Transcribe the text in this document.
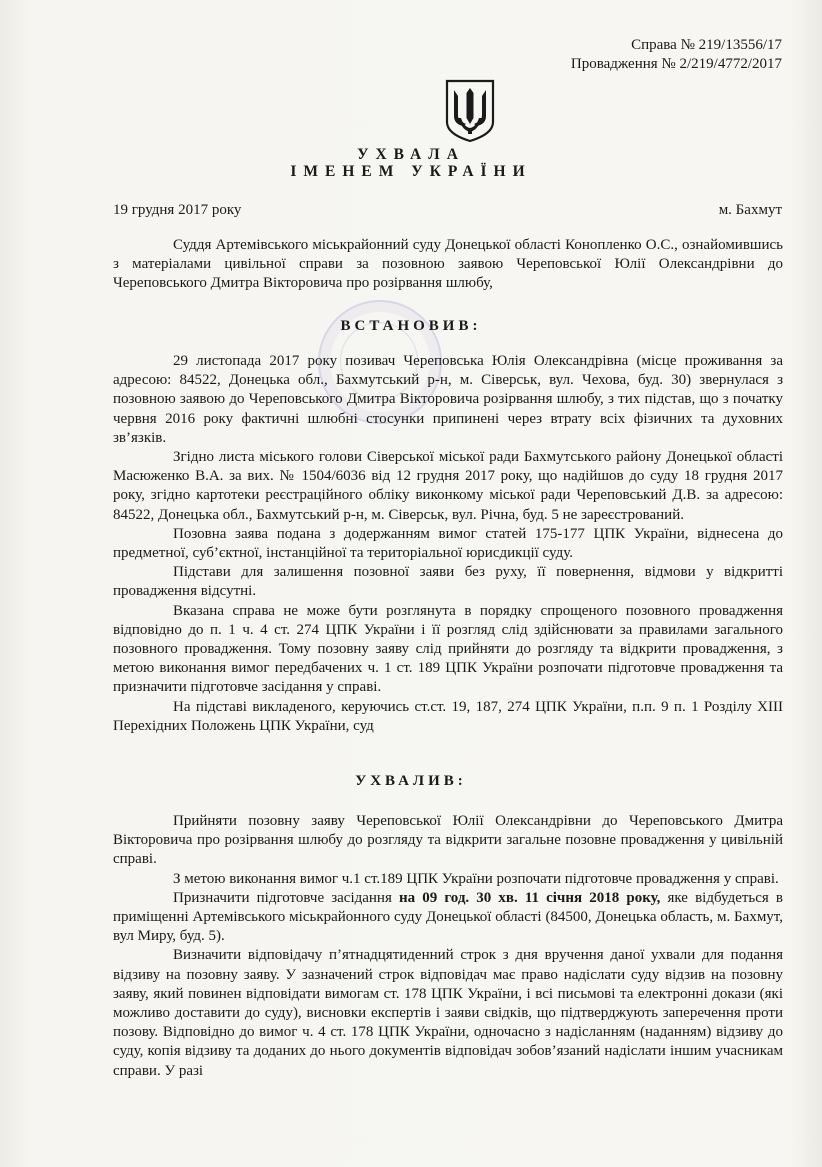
Справа № 219/13556/17
Провадження № 2/219/4772/2017
УХВАЛА
ІМЕНЕМ УКРАЇНИ
19 грудня 2017 року	м. Бахмут

Суддя Артемівського міськрайонний суду Донецької області Коноплeнко О.С., ознайомившись з матеріалами цивільної справи за позовною заявою Череповської Юлії Олександрівни до Череповського Дмитра Вікторовича про розірвання шлюбу,

ВСТАНОВИВ:

29 листопада 2017 року позивач Череповська Юлія Олександрівна (місце проживання за адресою: 84522, Донецька обл., Бахмутський р-н, м. Сіверськ, вул. Чехова, буд. 30) звернулася з позовною заявою до Череповського Дмитра Вікторовича розірвання шлюбу, з тих підстав, що з початку червня 2016 року фактичні шлюбні стосунки припинені через втрату всіх фізичних та духовних зв’язків.

Згідно листа міського голови Сіверської міської ради Бахмутського району Донецької області Масюженко В.А. за вих. № 1504/6036 від 12 грудня 2017 року, що надійшов до суду 18 грудня 2017 року, згідно картотеки реєстраційного обліку виконкому міської ради Череповський Д.В. за адресою: 84522, Донецька обл., Бахмутський р-н, м. Сіверськ, вул. Річна, буд. 5 не зареєстрований.

Позовна заява подана з додержанням вимог статей 175-177 ЦПК України, віднесена до предметної, суб’єктної, інстанційної та територіальної юрисдикції суду.

Підстави для залишення позовної заяви без руху, її повернення, відмови у відкритті провадження відсутні.

Вказана справа не може бути розглянута в порядку спрощеного позовного провадження відповідно до п. 1 ч. 4 ст. 274 ЦПК України і її розгляд слід здійснювати за правилами загального позовного провадження. Тому позовну заяву слід прийняти до розгляду та відкрити провадження, з метою виконання вимог передбачених ч. 1 ст. 189 ЦПК України розпочати підготовче провадження та призначити підготовче засідання у справі.

На підставі викладеного, керуючись ст.ст. 19, 187, 274 ЦПК України, п.п. 9 п. 1 Розділу ХІІІ Перехідних Положень ЦПК України, суд

УХВАЛИВ:

Прийняти позовну заяву Череповської Юлії Олександрівни до Череповського Дмитра Вікторовича про розірвання шлюбу до розгляду та відкрити загальне позовне провадження у цивільній справі.

З метою виконання вимог ч.1 ст.189 ЦПК України розпочати підготовче провадження у справі.

Призначити підготовче засідання на 09 год. 30 хв. 11 січня 2018 року, яке відбудеться в приміщенні Артемівського міськрайонного суду Донецької області (84500, Донецька область, м. Бахмут, вул Миру, буд. 5).

Визначити відповідачу п’ятнадцятиденний строк з дня вручення даної ухвали для подання відзиву на позовну заяву. У зазначений строк відповідач має право надіслати суду відзив на позовну заяву, який повинен відповідати вимогам ст. 178 ЦПК України, і всі письмові та електронні докази (які можливо доставити до суду), висновки експертів і заяви свідків, що підтверджують заперечення проти позову. Відповідно до вимог ч. 4 ст. 178 ЦПК України, одночасно з надісланням (наданням) відзиву до суду, копія відзиву та доданих до нього документів відповідач зобов’язаний надіслати іншим учасникам справи. У разі
